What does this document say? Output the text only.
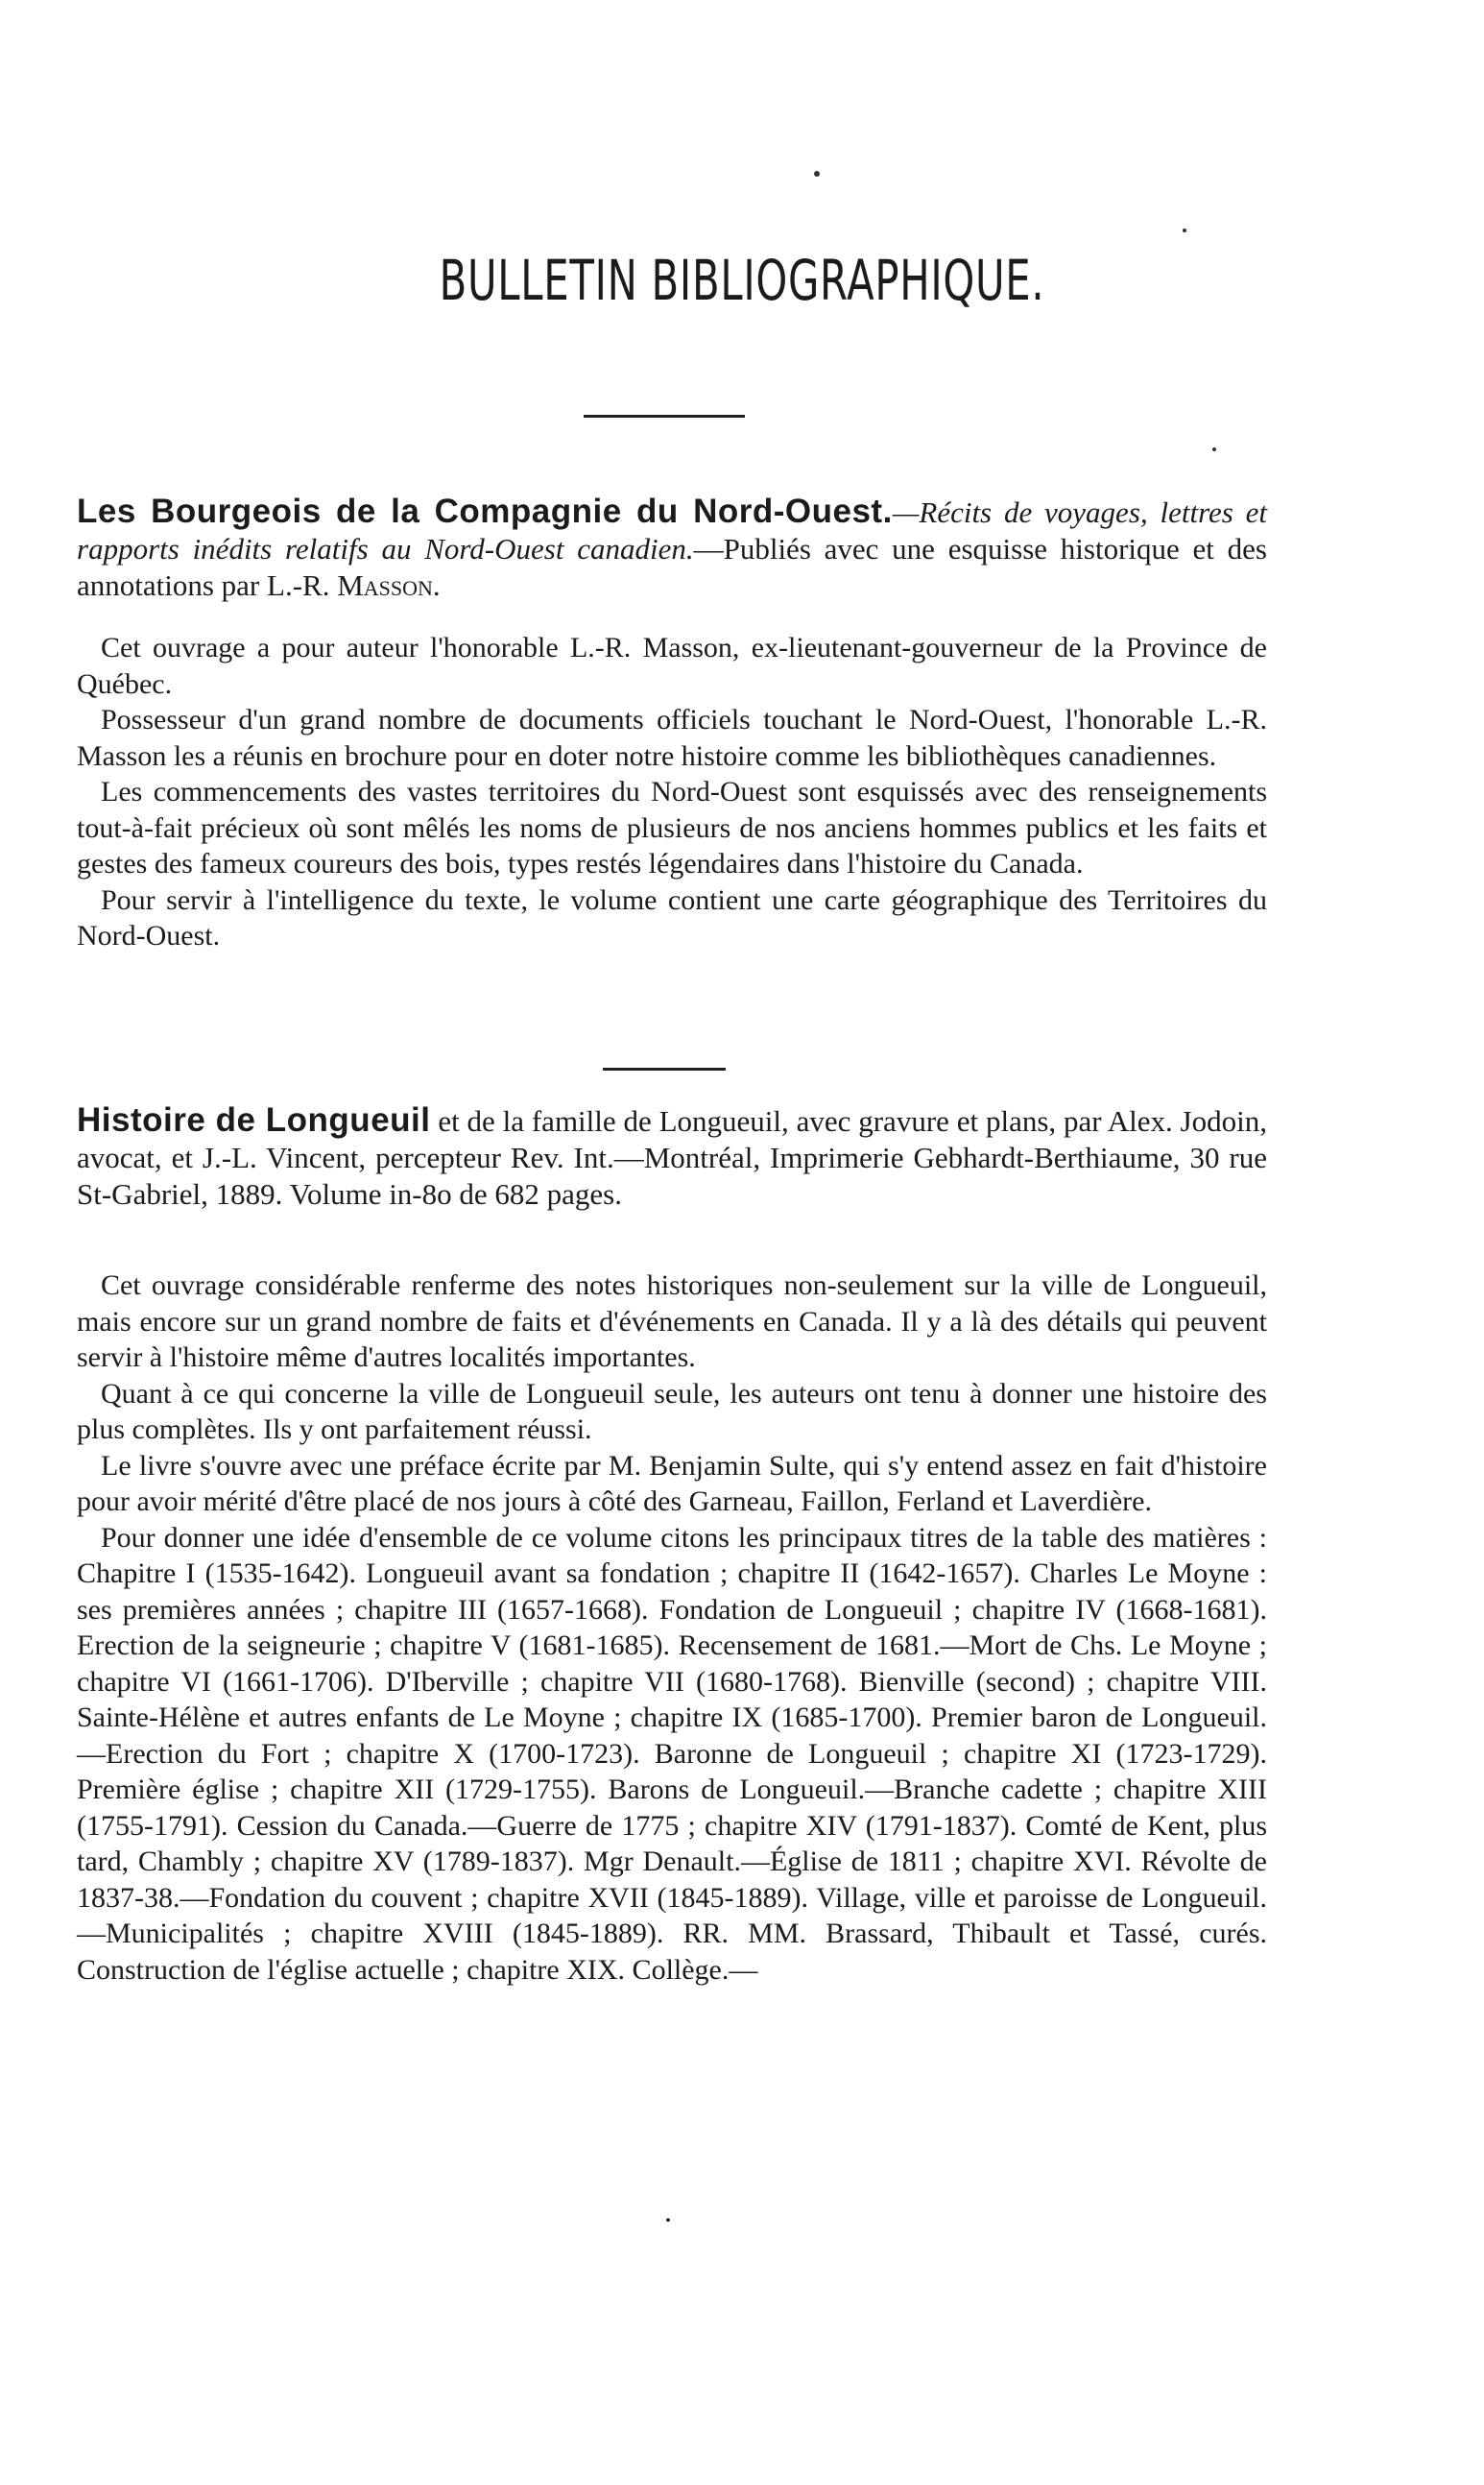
BULLETIN BIBLIOGRAPHIQUE.
Les Bourgeois de la Compagnie du Nord-Ouest.—Récits de voyages, lettres et rapports inédits relatifs au Nord-Ouest canadien.—Publiés avec une esquisse historique et des annotations par L.-R. Masson.

Cet ouvrage a pour auteur l'honorable L.-R. Masson, ex-lieutenant-gouverneur de la Province de Québec.

Possesseur d'un grand nombre de documents officiels touchant le Nord-Ouest, l'honorable L.-R. Masson les a réunis en brochure pour en doter notre histoire comme les bibliothèques canadiennes.

Les commencements des vastes territoires du Nord-Ouest sont esquissés avec des renseignements tout-à-fait précieux où sont mêlés les noms de plusieurs de nos anciens hommes publics et les faits et gestes des fameux coureurs des bois, types restés légendaires dans l'histoire du Canada.

Pour servir à l'intelligence du texte, le volume contient une carte géographique des Territoires du Nord-Ouest.

Histoire de Longueuil et de la famille de Longueuil, avec gravure et plans, par Alex. Jodoin, avocat, et J.-L. Vincent, percepteur Rev. Int.—Montréal, Imprimerie Gebhardt-Berthiaume, 30 rue St-Gabriel, 1889. Volume in-8o de 682 pages.

Cet ouvrage considérable renferme des notes historiques non-seulement sur la ville de Longueuil, mais encore sur un grand nombre de faits et d'événements en Canada. Il y a là des détails qui peuvent servir à l'histoire même d'autres localités importantes.

Quant à ce qui concerne la ville de Longueuil seule, les auteurs ont tenu à donner une histoire des plus complètes. Ils y ont parfaitement réussi.

Le livre s'ouvre avec une préface écrite par M. Benjamin Sulte, qui s'y entend assez en fait d'histoire pour avoir mérité d'être placé de nos jours à côté des Garneau, Faillon, Ferland et Laverdière.

Pour donner une idée d'ensemble de ce volume citons les principaux titres de la table des matières : Chapitre I (1535-1642). Longueuil avant sa fondation ; chapitre II (1642-1657). Charles Le Moyne : ses premières années ; chapitre III (1657-1668). Fondation de Longueuil ; chapitre IV (1668-1681). Erection de la seigneurie ; chapitre V (1681-1685). Recensement de 1681.—Mort de Chs. Le Moyne ; chapitre VI (1661-1706). D'Iberville ; chapitre VII (1680-1768). Bienville (second) ; chapitre VIII. Sainte-Hélène et autres enfants de Le Moyne ; chapitre IX (1685-1700). Premier baron de Longueuil.—Erection du Fort ; chapitre X (1700-1723). Baronne de Longueuil ; chapitre XI (1723-1729). Première église ; chapitre XII (1729-1755). Barons de Longueuil.—Branche cadette ; chapitre XIII (1755-1791). Cession du Canada.—Guerre de 1775 ; chapitre XIV (1791-1837). Comté de Kent, plus tard, Chambly ; chapitre XV (1789-1837). Mgr Denault.—Église de 1811 ; chapitre XVI. Révolte de 1837-38.—Fondation du couvent ; chapitre XVII (1845-1889). Village, ville et paroisse de Longueuil.—Municipalités ; chapitre XVIII (1845-1889). RR. MM. Brassard, Thibault et Tassé, curés. Construction de l'église actuelle ; chapitre XIX. Collège.—
